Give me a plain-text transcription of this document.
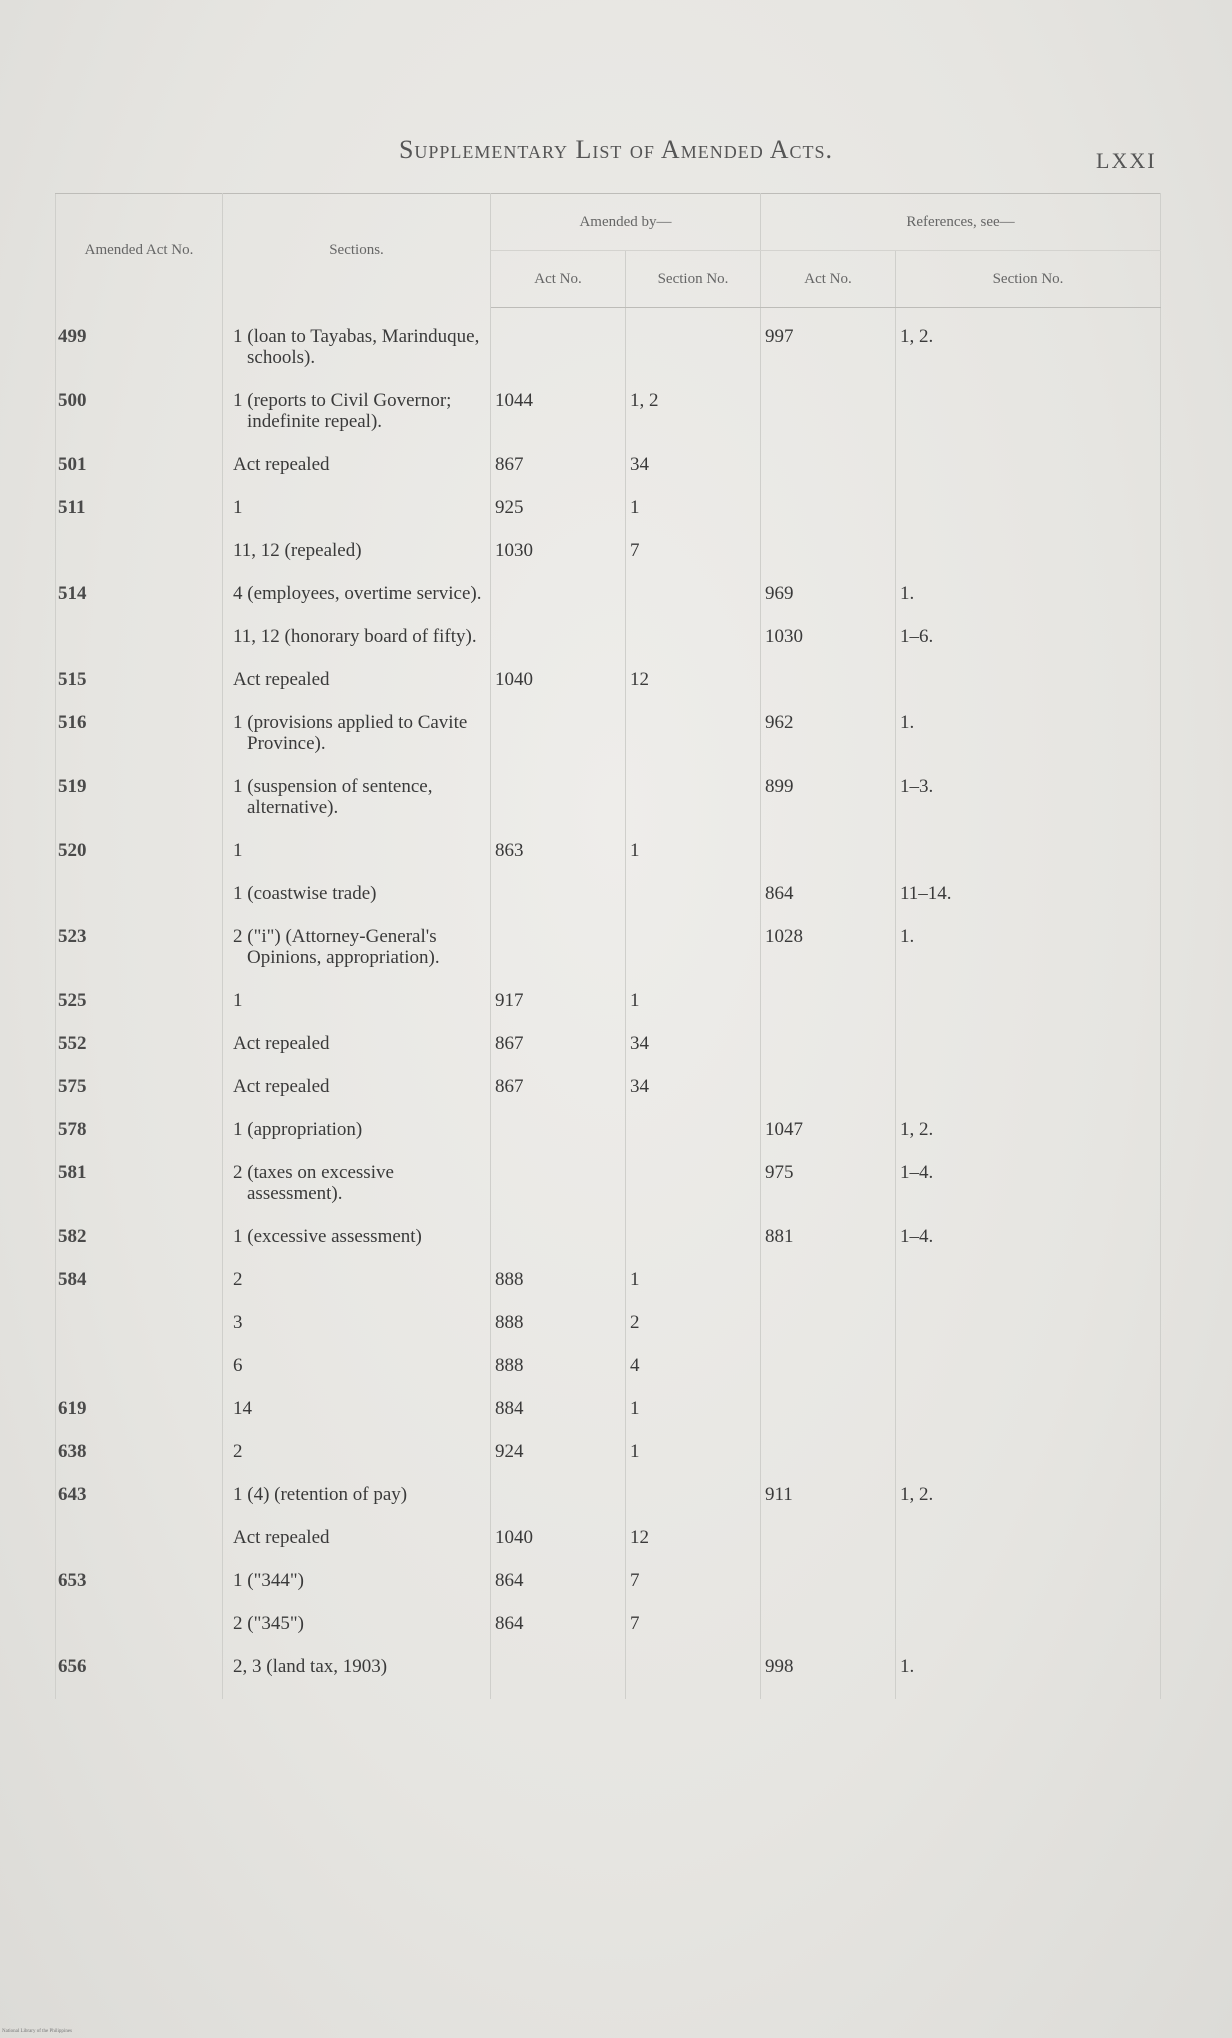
Supplementary List of Amended Acts.	LXXI
Amended Act No.	Sections.	Amended by—		References, see—	
		Act No.	Section No.	Act No.	Section No.

499	1 (loan to Tayabas, Marinduque, schools).			997	1, 2.

500	1 (reports to Civil Governor; indefinite repeal).	1044	1, 2		

501	Act repealed	867	34		

511	1	925	1		

	11, 12 (repealed)	1030	7		

514	4 (employees, overtime service).			969	1.

	11, 12 (honorary board of fifty).			1030	1–6.

515	Act repealed	1040	12		

516	1 (provisions applied to Cavite Province).			962	1.

519	1 (suspension of sentence, alternative).			899	1–3.

520	1	863	1		

	1 (coastwise trade)			864	11–14.

523	2 ("i") (Attorney-General's Opinions, appropriation).			1028	1.

525	1	917	1		

552	Act repealed	867	34		

575	Act repealed	867	34		

578	1 (appropriation)			1047	1, 2.

581	2 (taxes on excessive assessment).			975	1–4.

582	1 (excessive assessment)			881	1–4.

584	2	888	1		

	3	888	2		

	6	888	4		

619	14	884	1		

638	2	924	1		

643	1 (4) (retention of pay)			911	1, 2.

	Act repealed	1040	12		

653	1 ("344")	864	7		

	2 ("345")	864	7		

656	2, 3 (land tax, 1903)			998	1.

National Library of the Philippines
